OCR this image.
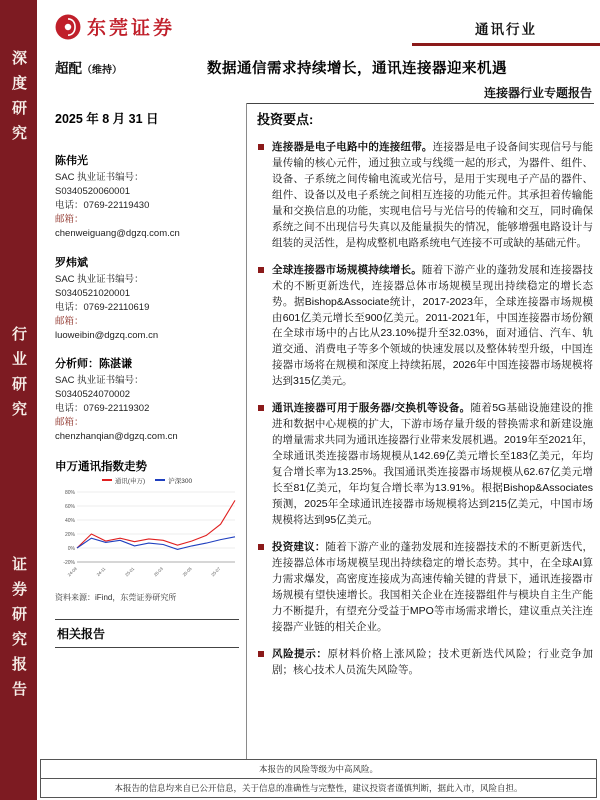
深度研究
行业研究
证券研究报告
东莞证券	通讯行业
超配（维持）	数据通信需求持续增长，通讯连接器迎来机遇
连接器行业专题报告
2025 年 8 月 31 日
陈伟光
SAC 执业证书编号：
S0340520060001
电话：0769-22119430
邮箱：
chenweiguang@dgzq.com.cn
罗炜斌
SAC 执业证书编号：
S0340521020001
电话：0769-22110619
邮箱：
luoweibin@dgzq.com.cn
分析师：陈湛谦
SAC 执业证书编号：
S0340524070002
电话：0769-22119302
邮箱：
chenzhanqian@dgzq.com.cn
申万通讯指数走势
通讯(申万)	沪深300
-20%
0%
20%
40%
60%
80%
24-09	24-11	25-01	25-03	25-05	25-07
资料来源：iFind，东莞证券研究所
相关报告
投资要点:
连接器是电子电路中的连接纽带。连接器是电子设备间实现信号与能量传输的核心元件，通过独立或与线缆一起的形式，为器件、组件、设备、子系统之间传输电流或光信号，是用于实现电子产品的器件、组件、设备以及电子系统之间相互连接的功能元件。其承担着传输能量和交换信息的功能，实现电信号与光信号的传输和交互，同时确保系统之间不出现信号失真以及能量损失的情况，能够增强电路设计与组装的灵活性，是构成整机电路系统电气连接不可或缺的基础元件。
全球连接器市场规模持续增长。随着下游产业的蓬勃发展和连接器技术的不断更新迭代，连接器总体市场规模呈现出持续稳定的增长态势。据Bishop&Associate统计，2017-2023年，全球连接器市场规模由601亿美元增长至900亿美元。2011-2021年，中国连接器市场份额在全球市场中的占比从23.10%提升至32.03%，面对通信、汽车、轨道交通、消费电子等多个领域的快速发展以及整体转型升级，中国连接器市场将在规模和深度上持续拓展，2026年中国连接器市场规模将达到315亿美元。
通讯连接器可用于服务器/交换机等设备。随着5G基础设施建设的推进和数据中心规模的扩大，下游市场存量升级的替换需求和新建设施的增量需求共同为通讯连接器行业带来发展机遇。2019年至2021年，全球通讯类连接器市场规模从142.69亿美元增长至183亿美元，年均复合增长率为13.25%。我国通讯类连接器市场规模从62.67亿美元增长至81亿美元，年均复合增长率为13.91%。根据Bishop&Associates预测，2025年全球通讯连接器市场规模将达到215亿美元，中国市场规模将达到95亿美元。
投资建议：随着下游产业的蓬勃发展和连接器技术的不断更新迭代，连接器总体市场规模呈现出持续稳定的增长态势。其中，在全球AI算力需求爆发，高密度连接成为高速传输关键的背景下，通讯连接器市场规模有望快速增长。我国相关企业在连接器组件与模块自主生产能力不断提升，有望充分受益于MPO等市场需求增长，建议重点关注连接器产业链的相关企业。
风险提示：原材料价格上涨风险；技术更新迭代风险；行业竞争加剧；核心技术人员流失风险等。
本报告的风险等级为中高风险。
本报告的信息均来自已公开信息，关于信息的准确性与完整性，建议投资者谨慎判断，据此入市，风险自担。
